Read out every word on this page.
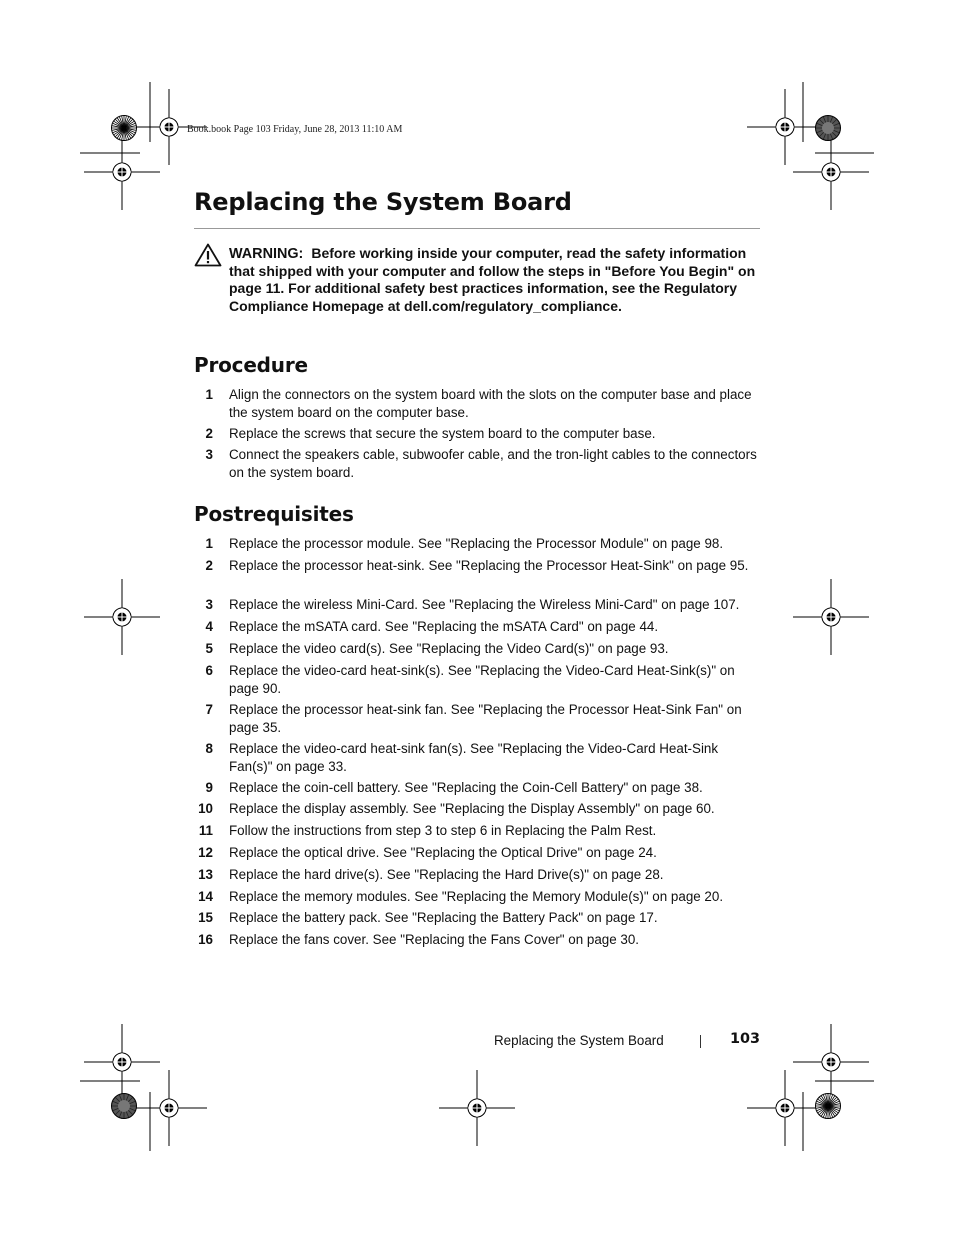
Book.book Page 103 Friday, June 28, 2013 11:10 AM
Replacing the System Board
WARNING: Before working inside your computer, read the safety information that shipped with your computer and follow the steps in "Before You Begin" on page 11. For additional safety best practices information, see the Regulatory Compliance Homepage at dell.com/regulatory_compliance.
Procedure
1 Align the connectors on the system board with the slots on the computer base and place the system board on the computer base.
2 Replace the screws that secure the system board to the computer base.
3 Connect the speakers cable, subwoofer cable, and the tron-light cables to the connectors on the system board.
Postrequisites
1 Replace the processor module. See "Replacing the Processor Module" on page 98.
2 Replace the processor heat-sink. See "Replacing the Processor Heat-Sink" on page 95.
3 Replace the wireless Mini-Card. See "Replacing the Wireless Mini-Card" on page 107.
4 Replace the mSATA card. See "Replacing the mSATA Card" on page 44.
5 Replace the video card(s). See "Replacing the Video Card(s)" on page 93.
6 Replace the video-card heat-sink(s). See "Replacing the Video-Card Heat-Sink(s)" on page 90.
7 Replace the processor heat-sink fan. See "Replacing the Processor Heat-Sink Fan" on page 35.
8 Replace the video-card heat-sink fan(s). See "Replacing the Video-Card Heat-Sink Fan(s)" on page 33.
9 Replace the coin-cell battery. See "Replacing the Coin-Cell Battery" on page 38.
10 Replace the display assembly. See "Replacing the Display Assembly" on page 60.
11 Follow the instructions from step 3 to step 6 in Replacing the Palm Rest.
12 Replace the optical drive. See "Replacing the Optical Drive" on page 24.
13 Replace the hard drive(s). See "Replacing the Hard Drive(s)" on page 28.
14 Replace the memory modules. See "Replacing the Memory Module(s)" on page 20.
15 Replace the battery pack. See "Replacing the Battery Pack" on page 17.
16 Replace the fans cover. See "Replacing the Fans Cover" on page 30.
Replacing the System Board	103
